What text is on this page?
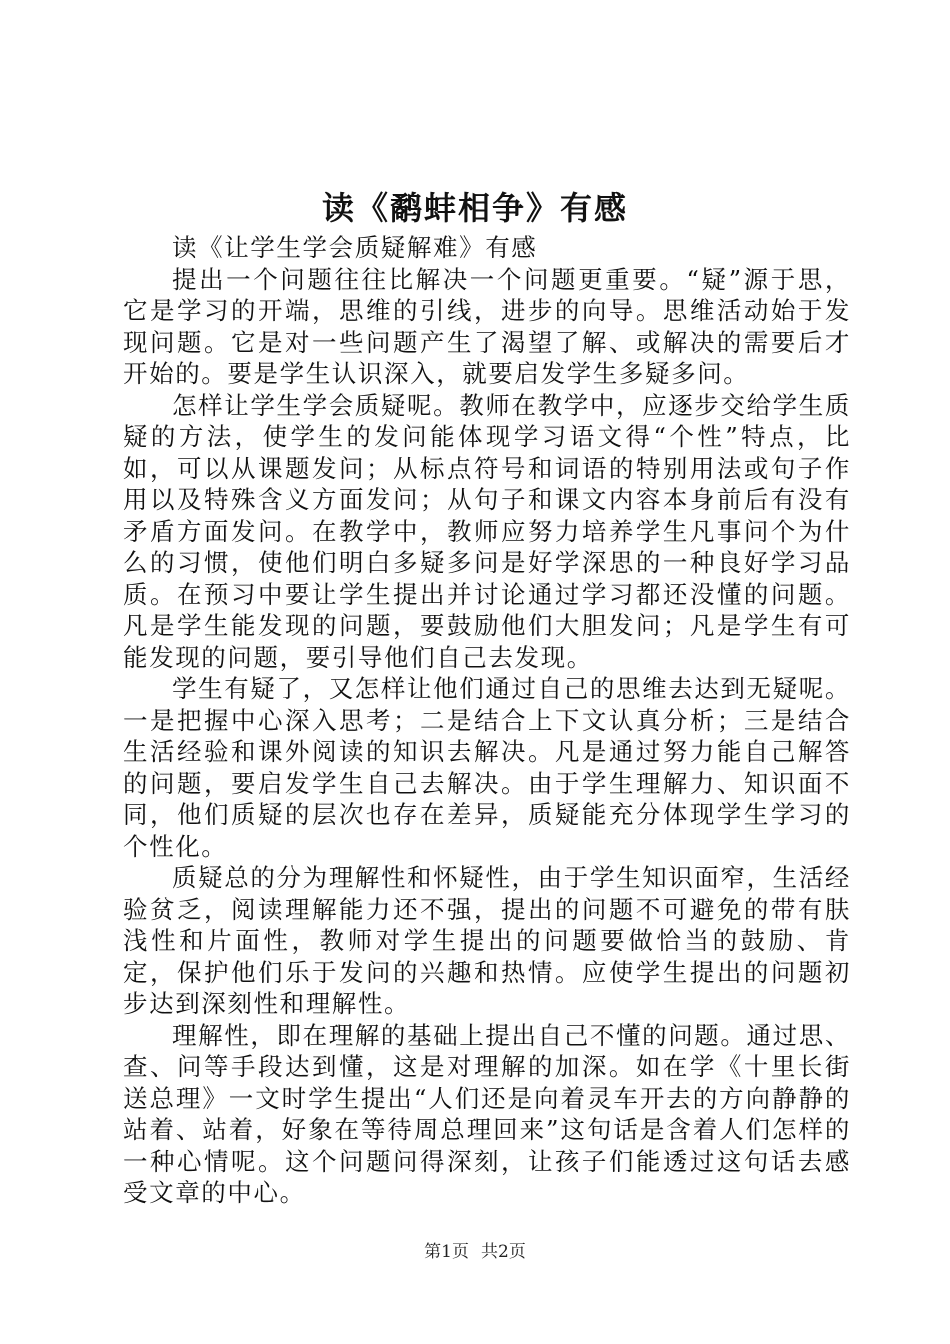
读《鹬蚌相争》有感

读《让学生学会质疑解难》有感

提出一个问题往往比解决一个问题更重要。“疑”源于思，它是学习的开端，思维的引线，进步的向导。思维活动始于发现问题。它是对一些问题产生了渴望了解、或解决的需要后才开始的。要是学生认识深入，就要启发学生多疑多问。

怎样让学生学会质疑呢。教师在教学中，应逐步交给学生质疑的方法，使学生的发问能体现学习语文得“个性”特点，比如，可以从课题发问；从标点符号和词语的特别用法或句子作用以及特殊含义方面发问；从句子和课文内容本身前后有没有矛盾方面发问。在教学中，教师应努力培养学生凡事问个为什么的习惯，使他们明白多疑多问是好学深思的一种良好学习品质。在预习中要让学生提出并讨论通过学习都还没懂的问题。凡是学生能发现的问题，要鼓励他们大胆发问；凡是学生有可能发现的问题，要引导他们自己去发现。

学生有疑了，又怎样让他们通过自己的思维去达到无疑呢。一是把握中心深入思考；二是结合上下文认真分析；三是结合生活经验和课外阅读的知识去解决。凡是通过努力能自己解答的问题，要启发学生自己去解决。由于学生理解力、知识面不同，他们质疑的层次也存在差异，质疑能充分体现学生学习的个性化。

质疑总的分为理解性和怀疑性，由于学生知识面窄，生活经验贫乏，阅读理解能力还不强，提出的问题不可避免的带有肤浅性和片面性，教师对学生提出的问题要做恰当的鼓励、肯定，保护他们乐于发问的兴趣和热情。应使学生提出的问题初步达到深刻性和理解性。

理解性，即在理解的基础上提出自己不懂的问题。通过思、查、问等手段达到懂，这是对理解的加深。如在学《十里长街送总理》一文时学生提出“人们还是向着灵车开去的方向静静的站着、站着，好象在等待周总理回来”这句话是含着人们怎样的一种心情呢。这个问题问得深刻，让孩子们能透过这句话去感受文章的中心。

第1页 共2页
